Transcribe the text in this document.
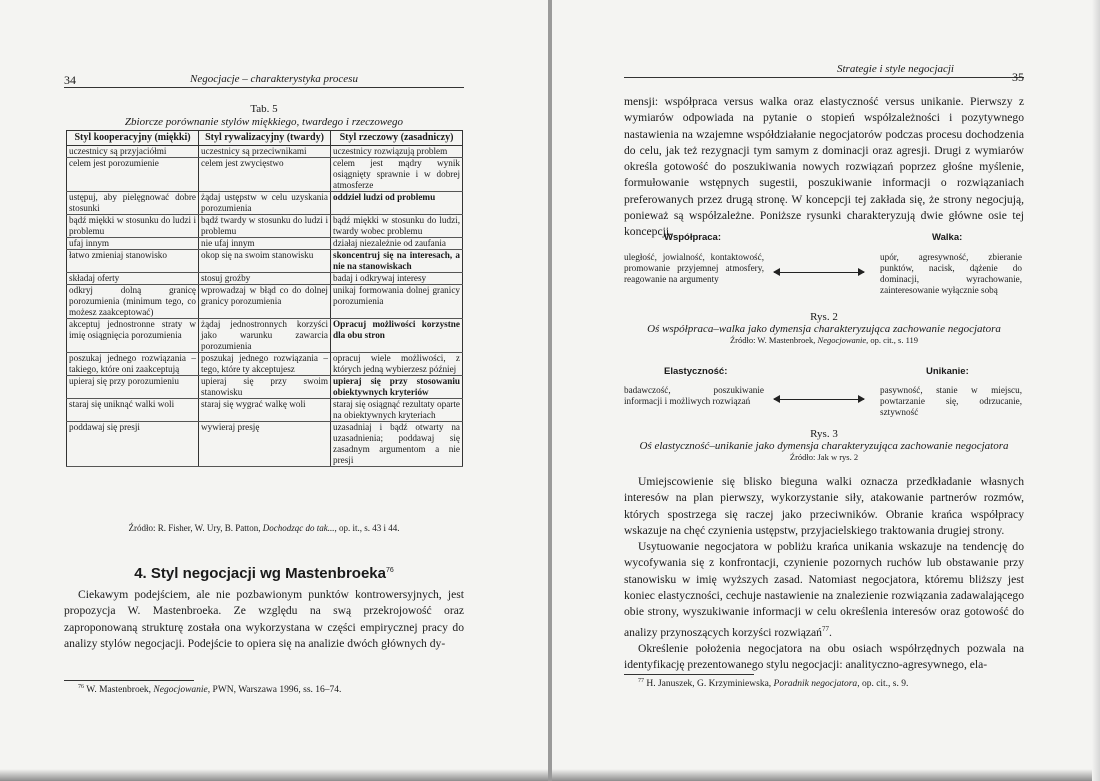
34	Negocjacje – charakterystyka procesu
Tab. 5
Zbiorcze porównanie stylów miękkiego, twardego i rzeczowego
Styl kooperacyjny (miękki)	Styl rywalizacyjny (twardy)	Styl rzeczowy (zasadniczy)
uczestnicy są przyjaciółmi	uczestnicy są przeciwnikami	uczestnicy rozwiązują problem
celem jest porozumienie	celem jest zwycięstwo	celem jest mądry wynik osiągnięty sprawnie i w dobrej atmosferze
ustępuj, aby pielęgnować dobre stosunki	żądaj ustępstw w celu uzyskania porozumienia	oddziel ludzi od problemu
bądź miękki w stosunku do ludzi i problemu	bądź twardy w stosunku do ludzi i problemu	bądź miękki w stosunku do ludzi, twardy wobec problemu
ufaj innym	nie ufaj innym	działaj niezależnie od zaufania
łatwo zmieniaj stanowisko	okop się na swoim stanowisku	skoncentruj się na interesach, a nie na stanowiskach
składaj oferty	stosuj groźby	badaj i odkrywaj interesy
odkryj dolną granicę porozumienia (minimum tego, co możesz zaakceptować)	wprowadzaj w błąd co do dolnej granicy porozumienia	unikaj formowania dolnej granicy porozumienia
akceptuj jednostronne straty w imię osiągnięcia porozumienia	żądaj jednostronnych korzyści jako warunku zawarcia porozumienia	Opracuj możliwości korzystne dla obu stron
poszukaj jednego rozwiązania – takiego, które oni zaakceptują	poszukaj jednego rozwiązania – tego, które ty akceptujesz	opracuj wiele możliwości, z których jedną wybierzesz później
upieraj się przy porozumieniu	upieraj się przy swoim stanowisku	upieraj się przy stosowaniu obiektywnych kryteriów
staraj się uniknąć walki woli	staraj się wygrać walkę woli	staraj się osiągnąć rezultaty oparte na obiektywnych kryteriach
poddawaj się presji	wywieraj presję	uzasadniaj i bądź otwarty na uzasadnienia; poddawaj się zasadnym argumentom a nie presji
Źródło: R. Fisher, W. Ury, B. Patton, Dochodząc do tak..., op. it., s. 43 i 44.
4. Styl negocjacji wg Mastenbroeka$^{76}$

Ciekawym podejściem, ale nie pozbawionym punktów kontrowersyjnych, jest propozycja W. Mastenbroeka. Ze względu na swą przekrojowość oraz zaproponowaną strukturę została ona wykorzystana w części empirycznej pracy do analizy stylów negocjacji. Podejście to opiera się na analizie dwóch głównych dy-

$^{76}$ W. Mastenbroek, Negocjowanie, PWN, Warszawa 1996, ss. 16–74.
Strategie i style negocjacji
35

mensji: współpraca versus walka oraz elastyczność versus unikanie. Pierwszy z wymiarów odpowiada na pytanie o stopień współzależności i pozytywnego nastawienia na wzajemne współdziałanie negocjatorów podczas procesu dochodzenia do celu, jak też rezygnacji tym samym z dominacji oraz agresji. Drugi z wymiarów określa gotowość do poszukiwania nowych rozwiązań poprzez głośne myślenie, formułowanie wstępnych sugestii, poszukiwanie informacji o rozwiązaniach preferowanych przez drugą stronę. W koncepcji tej zakłada się, że strony negocjują, ponieważ są współzależne. Poniższe rysunki charakteryzują dwie główne osie tej koncepcji.

Współpraca:	Walka:
uległość, jowialność, kontaktowość, promowanie przyjemnej atmosfery, reagowanie na argumenty
upór, agresywność, zbieranie punktów, nacisk, dążenie do dominacji, wyrachowanie, zainteresowanie wyłącznie sobą
Rys. 2
Oś współpraca–walka jako dymensja charakteryzująca zachowanie negocjatora
Źródło: W. Mastenbroek, Negocjowanie, op. cit., s. 119
Elastyczność:	Unikanie:
badawczość, poszukiwanie informacji i możliwych rozwiązań
pasywność, stanie w miejscu, powtarzanie się, odrzucanie, sztywność
Rys. 3
Oś elastyczność–unikanie jako dymensja charakteryzująca zachowanie negocjatora
Źródło: Jak w rys. 2

Umiejscowienie się blisko bieguna walki oznacza przedkładanie własnych interesów na plan pierwszy, wykorzystanie siły, atakowanie partnerów rozmów, których spostrzega się raczej jako przeciwników. Obranie krańca współpracy wskazuje na chęć czynienia ustępstw, przyjacielskiego traktowania drugiej strony.

Usytuowanie negocjatora w pobliżu krańca unikania wskazuje na tendencję do wycofywania się z konfrontacji, czynienie pozornych ruchów lub obstawanie przy stanowisku w imię wyższych zasad. Natomiast negocjatora, któremu bliższy jest koniec elastyczności, cechuje nastawienie na znalezienie rozwiązania zadawalającego obie strony, wyszukiwanie informacji w celu określenia interesów oraz gotowość do analizy przynoszących korzyści rozwiązań$^{77}$.

Określenie położenia negocjatora na obu osiach współrzędnych pozwala na identyfikację prezentowanego stylu negocjacji: analityczno-agresywnego, ela-

$^{77}$ H. Januszek, G. Krzyminiewska, Poradnik negocjatora, op. cit., s. 9.
